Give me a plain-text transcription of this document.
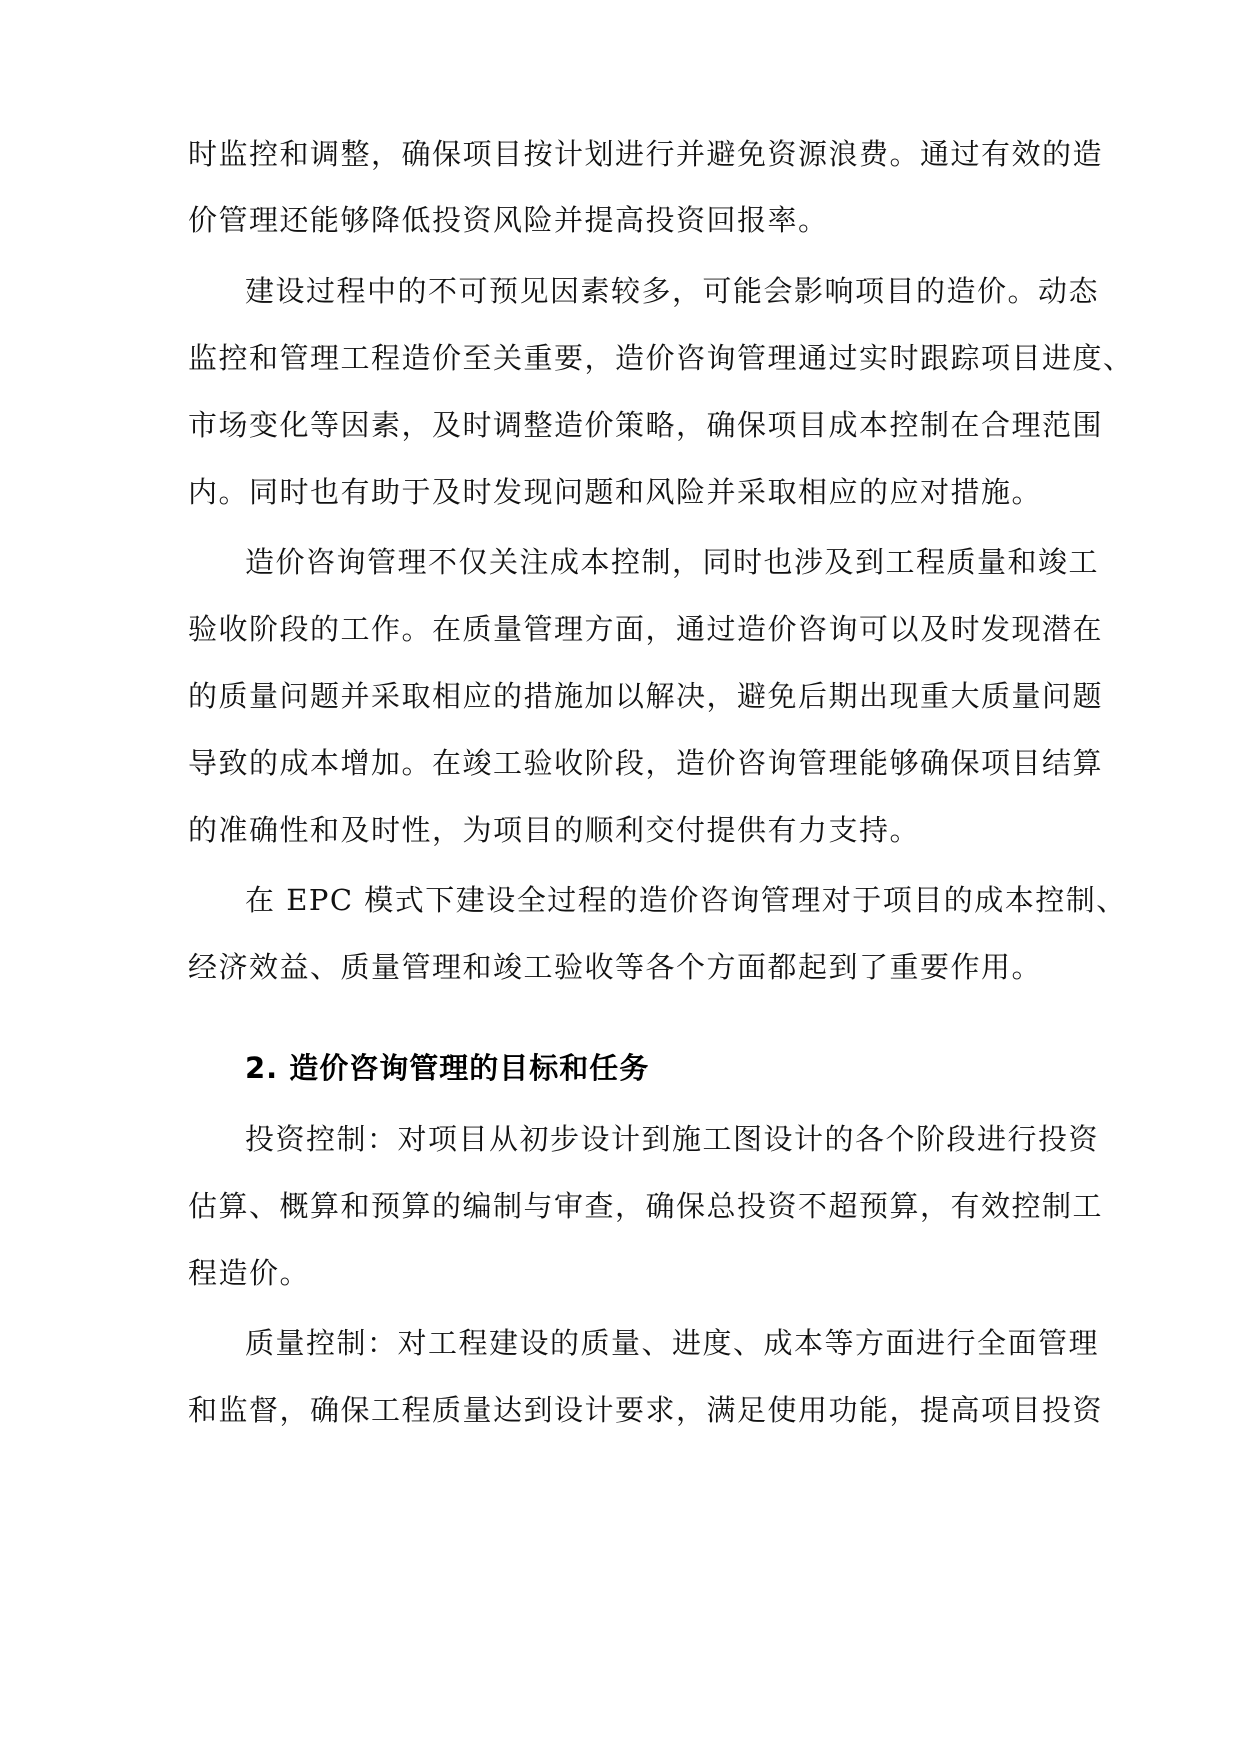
时监控和调整，确保项目按计划进行并避免资源浪费。通过有效的造
价管理还能够降低投资风险并提高投资回报率。
建设过程中的不可预见因素较多，可能会影响项目的造价。动态
监控和管理工程造价至关重要，造价咨询管理通过实时跟踪项目进度、
市场变化等因素，及时调整造价策略，确保项目成本控制在合理范围
内。同时也有助于及时发现问题和风险并采取相应的应对措施。
造价咨询管理不仅关注成本控制，同时也涉及到工程质量和竣工
验收阶段的工作。在质量管理方面，通过造价咨询可以及时发现潜在
的质量问题并采取相应的措施加以解决，避免后期出现重大质量问题
导致的成本增加。在竣工验收阶段，造价咨询管理能够确保项目结算
的准确性和及时性，为项目的顺利交付提供有力支持。
在 EPC 模式下建设全过程的造价咨询管理对于项目的成本控制、
经济效益、质量管理和竣工验收等各个方面都起到了重要作用。
2. 造价咨询管理的目标和任务
投资控制：对项目从初步设计到施工图设计的各个阶段进行投资
估算、概算和预算的编制与审查，确保总投资不超预算，有效控制工
程造价。
质量控制：对工程建设的质量、进度、成本等方面进行全面管理
和监督，确保工程质量达到设计要求，满足使用功能，提高项目投资
